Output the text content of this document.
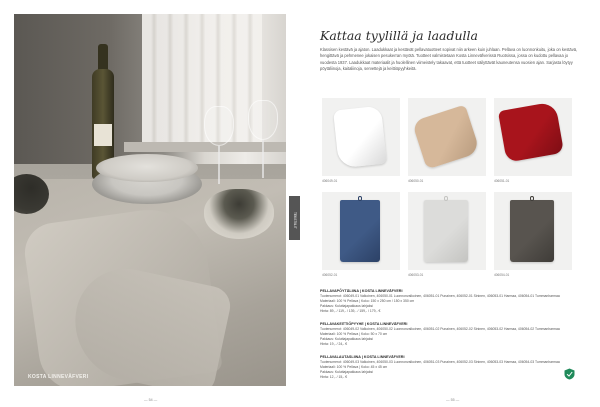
KOSTA LINNEVÄFVERI
— 54 —
Kattaa tyylillä ja laadulla
Klassisen kestävä ja ajaton. Laadukkaat ja kestävät pellavatuotteet sopivat niin arkeen kuin juhlaan. Pellava on luonnonkuitu, joka on kestävä, hengittävä ja pehmenee jokaisen pesukerran myötä. Tuotteet valmistetaan Kosta Linneväfverissä Ruotsissa, jossa on kudottu pellavaa jo vuodesta 1937. Laadukkaat materiaalit ja huolellinen viimeistely takaavat, että tuotteet säilyttävät kauneutensa vuosien ajan. Sarjasta löytyy pöytäliinoja, kaitaliinoja, servettejä ja keittiöpyyhkeitä.
406049-01	406050-01	406051-01
406052-01	406053-01	406054-01
PELLAVAPÖYTÄLIINA | KOSTA LINNEVÄFVERI
Tuotenumerot: 406049-01 Valkoinen, 406050-01 Luonnonvalkoinen, 406051-01 Punainen, 406052-01 Sininen, 406053-01 Harmaa, 406054-01 Tummanharmaa
Materiaali: 100 % Pellava | Koko: 150 x 250 cm / 150 x 350 cm
Pakkaus: Kuluttajapakkaus lahjaksi
Hinta: 89,- / 119,- / 139,- / 159,- / 179,- €
PELLAVAKEITTIÖPYYHE | KOSTA LINNEVÄFVERI
Tuotenumerot: 406049-02 Valkoinen, 406050-02 Luonnonvalkoinen, 406051-02 Punainen, 406052-02 Sininen, 406053-02 Harmaa, 406054-02 Tummanharmaa
Materiaali: 100 % Pellava | Koko: 50 x 70 cm
Pakkaus: Kuluttajapakkaus lahjaksi
Hinta: 19,- / 24,- €
PELLAVALAUTASLIINA | KOSTA LINNEVÄFVERI
Tuotenumerot: 406049-03 Valkoinen, 406050-03 Luonnonvalkoinen, 406051-03 Punainen, 406052-03 Sininen, 406053-03 Harmaa, 406054-03 Tummanharmaa
Materiaali: 100 % Pellava | Koko: 45 x 45 cm
Pakkaus: Kuluttajapakkaus lahjaksi
Hinta: 12,- / 15,- €
— 55 —
TEKSTIILIT
